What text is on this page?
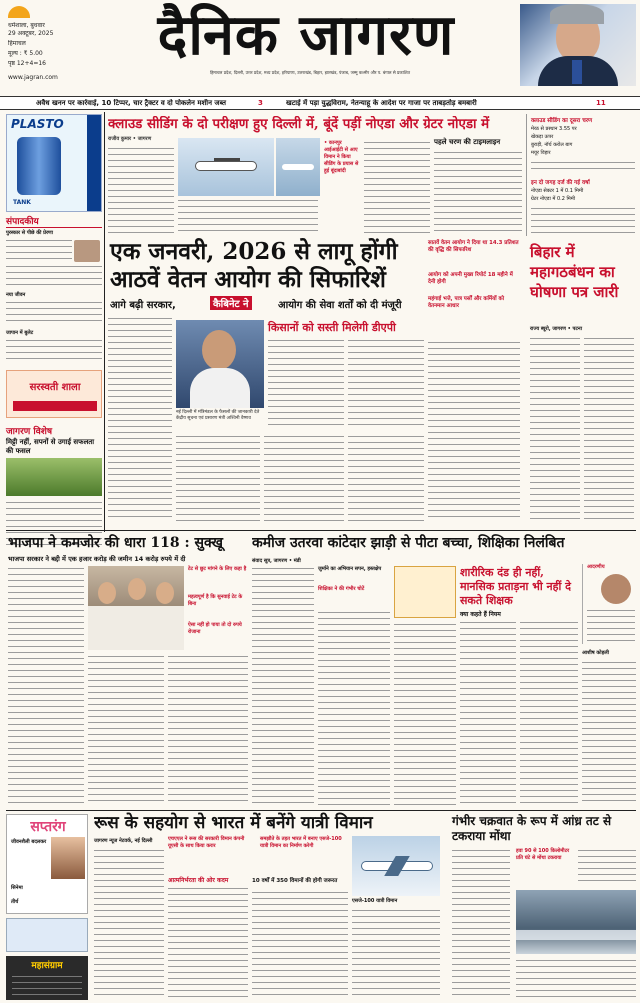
धर्मशाला, बुधवार
29 अक्टूबर, 2025
हिमाचल
मूल्य : ₹ 5.00
पृष्ठ 12+4=16
www.jagran.com
दैनिक जागरण
हिमाचल प्रदेश, दिल्ली, उत्तर प्रदेश, मध्य प्रदेश, हरियाणा, उत्तराखंड, बिहार, झारखंड, पंजाब, जम्मू कश्मीर और प. बंगाल से प्रकाशित
अवैध खनन पर कार्रवाई, 10 टिप्पर, चार ट्रैक्टर व दो पोकलेन मशीन जब्त	3	खटाई में पड़ा युद्धविराम, नेतन्याहू के आदेश पर गाजा पर ताबड़तोड़ बमबारी	11
PLASTO
TANK
संपादकीय
पुरस्कार से पीछे की प्रेरणा
नया जीवन
जापान में बुलेट
सरस्वती शाला
जागरण विशेष
मिट्टी नहीं, सपनों से उगाई सफलता की फसल
क्लाउड सीडिंग के दो परीक्षण हुए दिल्ली में, बूंदें पड़ीं नोएडा और ग्रेटर नोएडा में
राजीव कुमार • जागरण
• कानपुर आईआईटी से आए विमान ने किया सीडिंग के प्रयास से हुई बूंदाबांदी
पहले चरण की टाइमलाइन
क्लाउड सीडिंग का दूसरा चरण
मेरठ से प्रस्थान 3.55 पर
खेकड़ा ऊपर
बुराड़ी, नॉर्थ करोल बाग
मयूर विहार
इन दो जगह दर्ज की गई वर्षा
नोएडा सेक्टर 1 में 0.1 मिमी
ग्रेटर नोएडा में 0.2 मिमी
एक जनवरी, 2026 से लागू होंगी
आठवें वेतन आयोग की सिफारिशें
आगे बढ़ी सरकार,	कैबिनेट ने	आयोग की सेवा शर्तों को दी मंजूरी
नई दिल्ली में मंत्रिमंडल के फैसलों की जानकारी देते केंद्रीय सूचना एवं प्रसारण मंत्री अश्विनी वैष्णव
किसानों को सस्ती मिलेगी डीएपी
सातवें वेतन आयोग ने दिया था 14.3 प्रतिशत की वृद्धि की सिफारिश
आयोग को अपनी मुख्य रिपोर्ट 18 महीने में देनी होगी
महंगाई भत्ते, पात्र पर्सों और कर्मियों को वेतनमान आधार
बिहार में महागठबंधन का घोषणा पत्र जारी
राज्य ब्यूरो, जागरण • पटना
भाजपा ने कमजोर की धारा 118 : सुक्खू	कमीज उतरवा कांटेदार झाड़ी से पीटा बच्चा, शिक्षिका निलंबित
भाजपा सरकार ने बद्दी में एक हजार करोड़ की जमीन 14 करोड़ रुपये में दी
टेट से छूट मांगने के लिए कहा है
महत्वपूर्ण है कि सुनवाई टेट के बिना
ऐसा नहीं हो पाया तो दो रुपये रोजाना
संवाद सूत्र, जागरण • मंडी
जुर्माने का अभियान सपन, हस्तक्षेप
शिक्षिका ने की गंभीर चोटें
शारीरिक दंड ही नहीं, मानसिक प्रताड़ना भी नहीं दे सकते शिक्षक
आदरणीय
क्या कहते हैं नियम
आशीष कोहली
सप्तरंग
जीवनशैली बदलकर
सिनेमा
तीर्थ
महासंग्राम
रूस के सहयोग से भारत में बनेंगे यात्री विमान
जागरण न्यूज नेटवर्क, नई दिल्ली	एचएएल ने रूस की सरकारी विमान कंपनी यूएसी के साथ किया करार
समझौते के तहत भारत में बनाए एसजे-100 यात्री विमान का निर्माण करेगी
आत्मनिर्भरता की ओर कदम	10 वर्षों में 350 विमानों की होगी जरूरत
एसजे-100 यात्री विमान
गंभीर चक्रवात के रूप में आंध्र तट से टकराया मोंथा
हवा 90 से 100 किलोमीटर प्रति घंटे से मोंथा टकराया
